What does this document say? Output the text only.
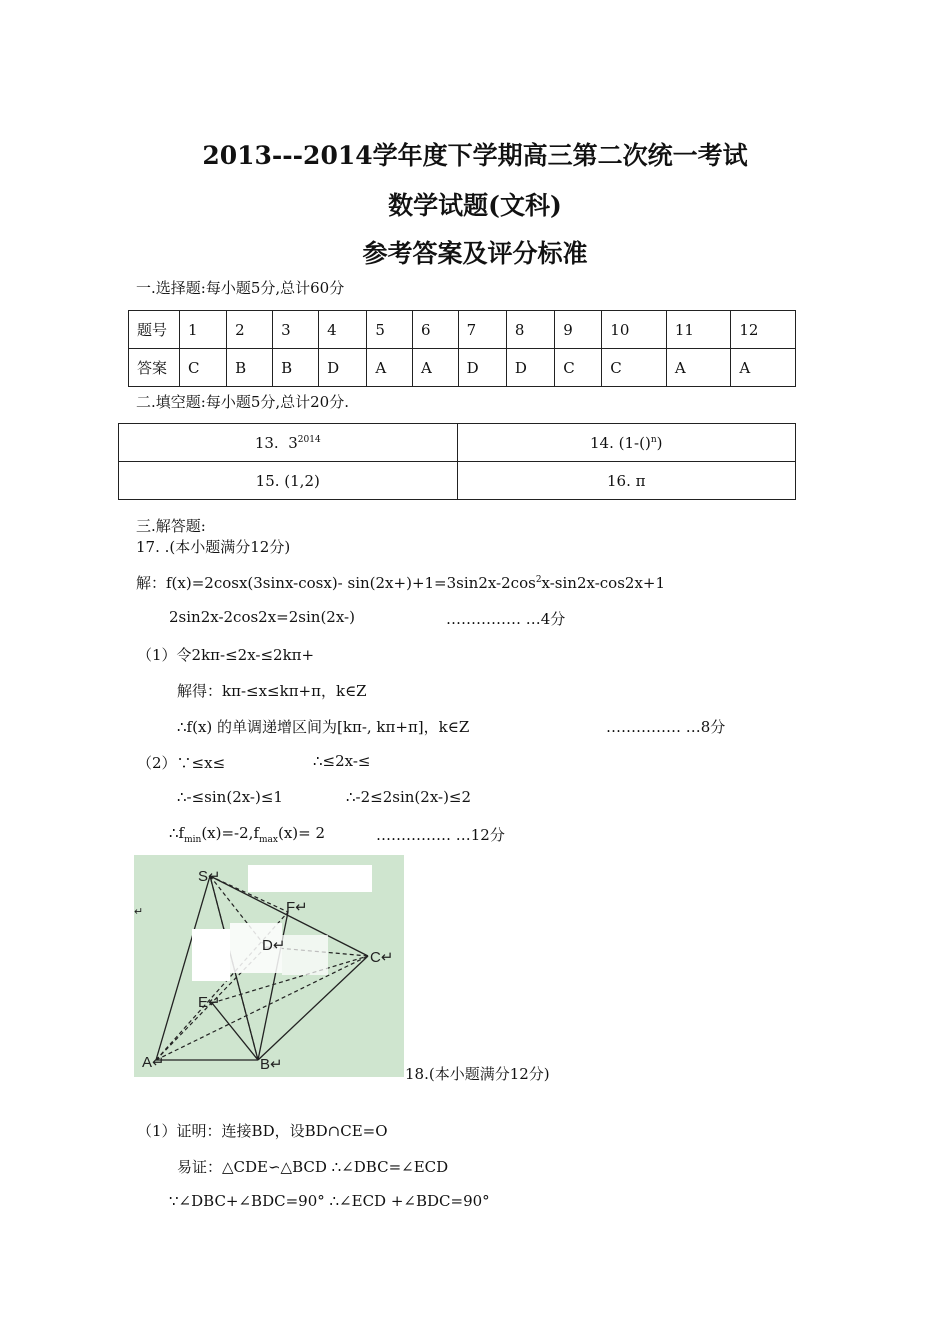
2013---2014学年度下学期高三第二次统一考试
数学试题(文科)
参考答案及评分标准
一.选择题:每小题5分,总计60分
题号	1	2	3	4	5	6	7	8	9	10	11	12
答案	C	B	B	D	A	A	D	D	C	C	A	A
二.填空题:每小题5分,总计20分.
13. $3^{2014}$	14. (1-()$^n$)
15. (1,2)	16. π
三.解答题:
17. .(本小题满分12分)
解：f(x)=2cosx(3sinx-cosx)- $\sin(2x+)+1=3\sin 2x-2\cos^2x-\sin 2x-\cos 2x+1$
2sin2x-2cos2x=2sin(2x-)	…………… …4分
（1）令2kπ-≤2x-≤2kπ+
解得：kπ-≤x≤kπ+π，k∈Z
∴f(x) 的单调递增区间为[kπ-, kπ+π]，k∈Z	…………… …8分
（2）∵≤x≤	∴≤2x-≤
∴-≤sin(2x-)≤1	∴-2≤2sin(2x-)≤2
$\therefore f_{min}(x)=-2,f_{max}(x)= 2$	…………… …12分
S↵
F↵
D↵
C↵
E↵
A↵	B↵
↵
18.(本小题满分12分)
（1）证明：连接BD，设BD∩CE=O
易证：△CDE∽△BCD ∴∠DBC=∠ECD
∵∠DBC+∠BDC=90° ∴∠ECD +∠BDC=90°
